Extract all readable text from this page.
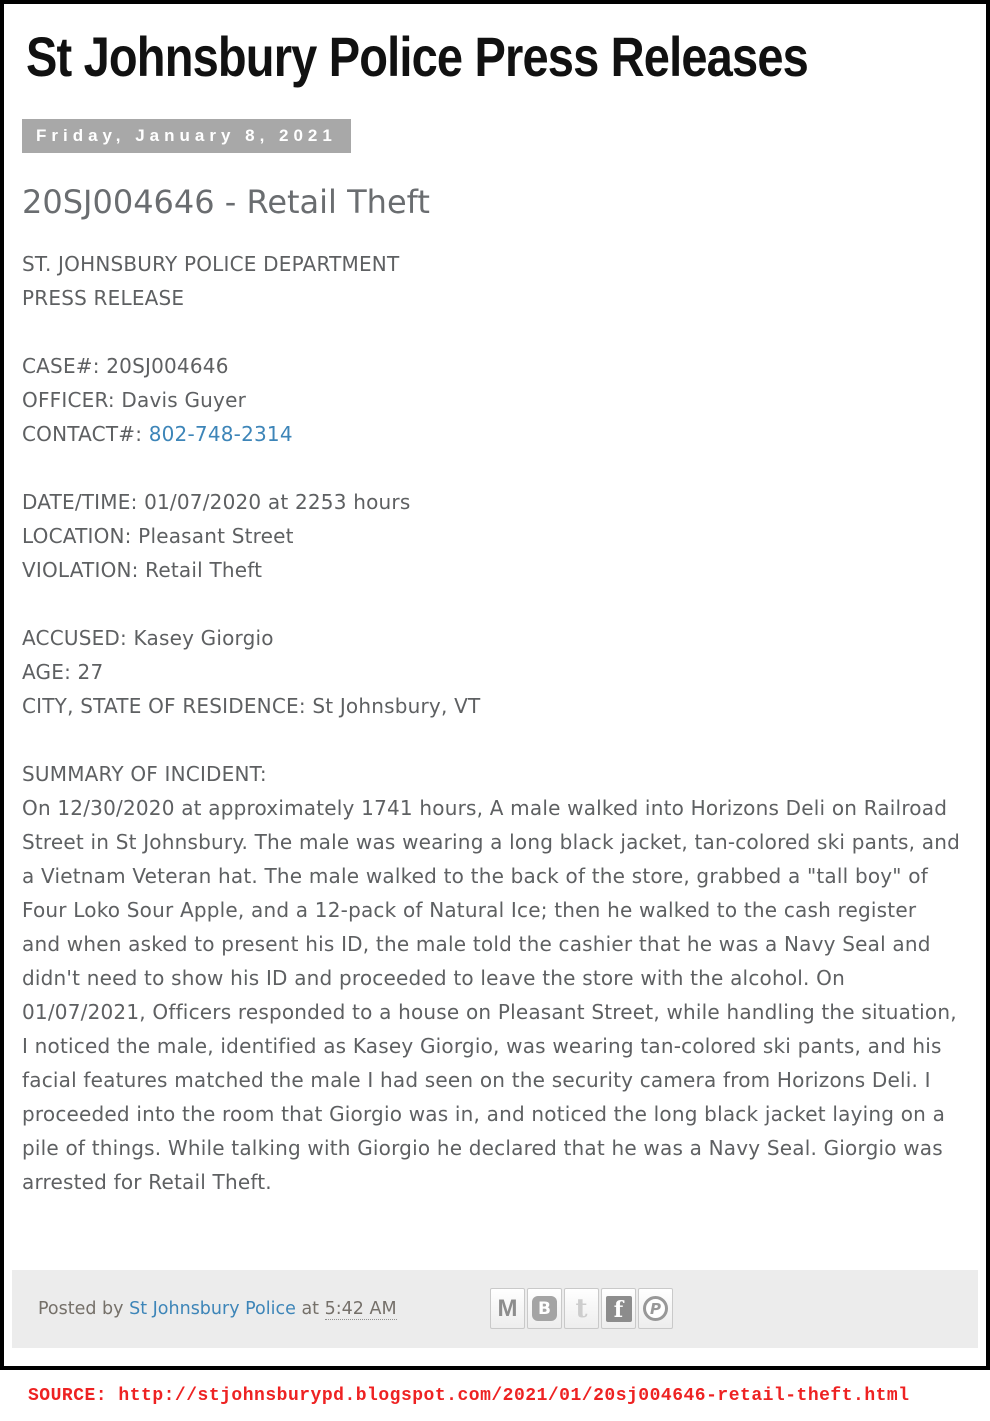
St Johnsbury Police Press Releases
Friday, January 8, 2021
20SJ004646 - Retail Theft
ST. JOHNSBURY POLICE DEPARTMENT
PRESS RELEASE

CASE#: 20SJ004646
OFFICER: Davis Guyer
CONTACT#: 802-748-2314

DATE/TIME: 01/07/2020 at 2253 hours
LOCATION: Pleasant Street
VIOLATION: Retail Theft

ACCUSED: Kasey Giorgio
AGE: 27
CITY, STATE OF RESIDENCE: St Johnsbury, VT

SUMMARY OF INCIDENT:
On 12/30/2020 at approximately 1741 hours, A male walked into Horizons Deli on Railroad Street in St Johnsbury. The male was wearing a long black jacket, tan-colored ski pants, and a Vietnam Veteran hat. The male walked to the back of the store, grabbed a "tall boy" of Four Loko Sour Apple, and a 12-pack of Natural Ice; then he walked to the cash register and when asked to present his ID, the male told the cashier that he was a Navy Seal and didn't need to show his ID and proceeded to leave the store with the alcohol. On 01/07/2021, Officers responded to a house on Pleasant Street, while handling the situation, I noticed the male, identified as Kasey Giorgio, was wearing tan-colored ski pants, and his facial features matched the male I had seen on the security camera from Horizons Deli. I proceeded into the room that Giorgio was in, and noticed the long black jacket laying on a pile of things. While talking with Giorgio he declared that he was a Navy Seal. Giorgio was arrested for Retail Theft.
Posted by St Johnsbury Police at 5:42 AM	M	B t	f	P
SOURCE: http://stjohnsburypd.blogspot.com/2021/01/20sj004646-retail-theft.html
